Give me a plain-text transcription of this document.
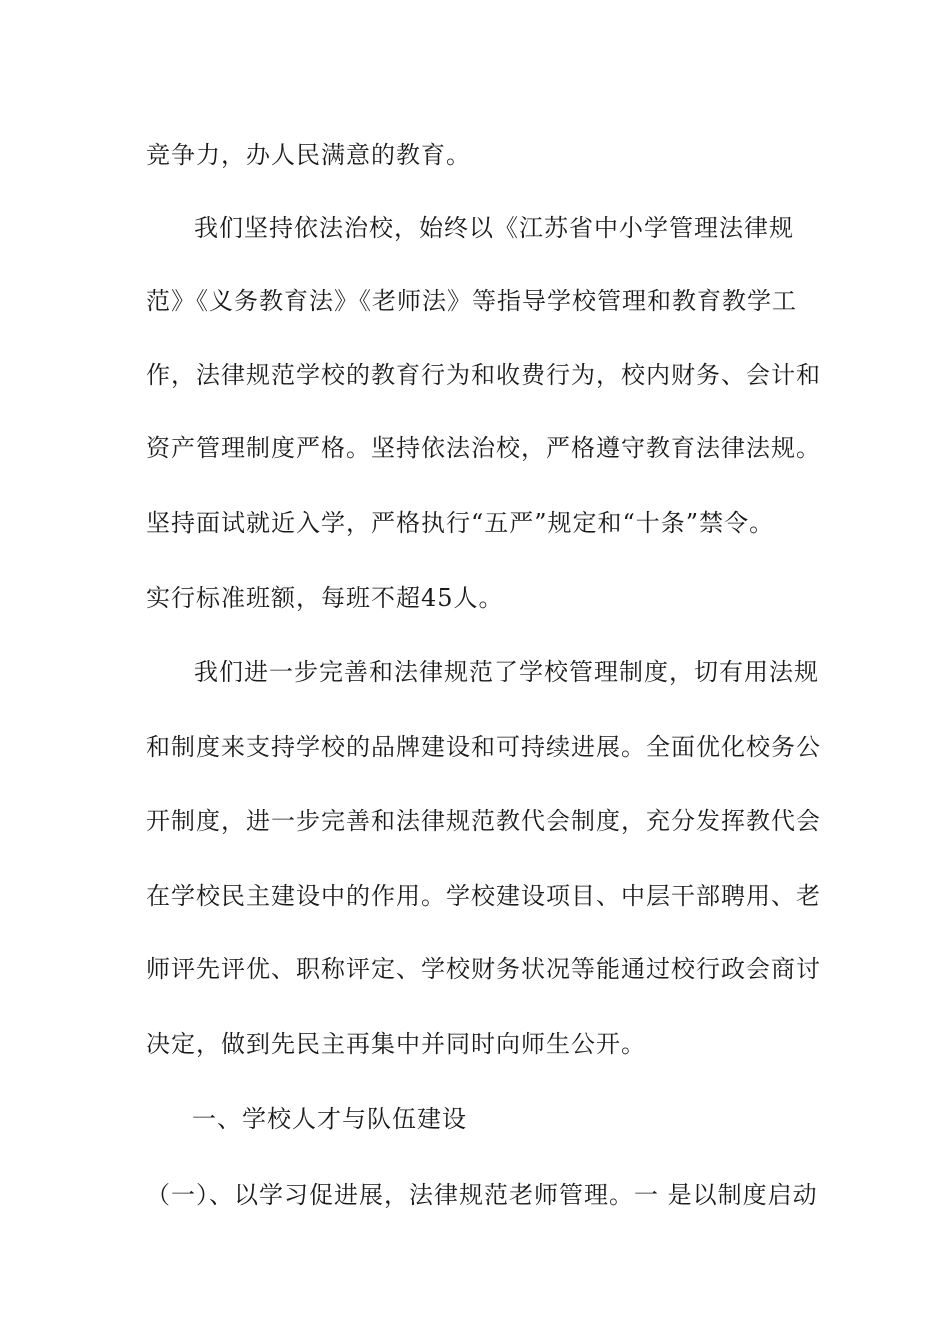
竞争力，办人民满意的教育。
我们坚持依法治校，始终以《江苏省中小学管理法律规
范》《义务教育法》《老师法》等指导学校管理和教育教学工
作，法律规范学校的教育行为和收费行为，校内财务、会计和
资产管理制度严格。坚持依法治校，严格遵守教育法律法规。
坚持面试就近入学，严格执行“五严”规定和“十条”禁令。
实行标准班额，每班不超45人。
我们进一步完善和法律规范了学校管理制度，切有用法规
和制度来支持学校的品牌建设和可持续进展。全面优化校务公
开制度，进一步完善和法律规范教代会制度，充分发挥教代会
在学校民主建设中的作用。学校建设项目、中层干部聘用、老
师评先评优、职称评定、学校财务状况等能通过校行政会商讨
决定，做到先民主再集中并同时向师生公开。
一、学校人才与队伍建设
（一）、以学习促进展，法律规范老师管理。一 是以制度启动
